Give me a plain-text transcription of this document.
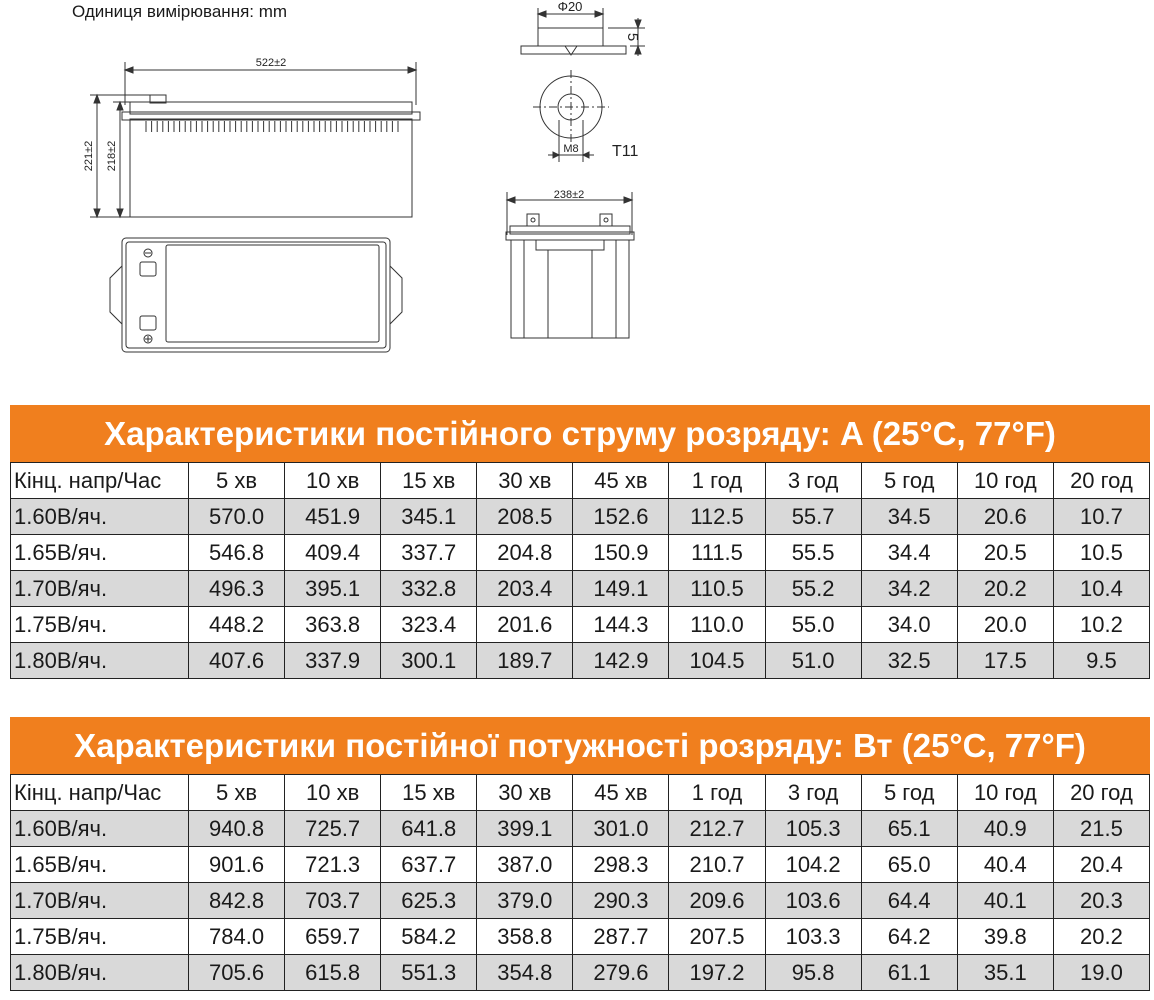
Одиниця вимірювання: mm
522±2
221±2 218±2
238±2
Φ20
5
M8 T11
Характеристики постійного струму розряду: A (25°C, 77°F)
Кінц. напр/Час	5 хв	10 хв	15 хв	30 хв	45 хв	1 год	3 год	5 год	10 год	20 год
1.60В/яч.	570.0	451.9	345.1	208.5	152.6	112.5	55.7	34.5	20.6	10.7
1.65В/яч.	546.8	409.4	337.7	204.8	150.9	111.5	55.5	34.4	20.5	10.5
1.70В/яч.	496.3	395.1	332.8	203.4	149.1	110.5	55.2	34.2	20.2	10.4
1.75В/яч.	448.2	363.8	323.4	201.6	144.3	110.0	55.0	34.0	20.0	10.2
1.80В/яч.	407.6	337.9	300.1	189.7	142.9	104.5	51.0	32.5	17.5	9.5
Характеристики постійної потужності розряду: Вт (25°C, 77°F)
Кінц. напр/Час	5 хв	10 хв	15 хв	30 хв	45 хв	1 год	3 год	5 год	10 год	20 год
1.60В/яч.	940.8	725.7	641.8	399.1	301.0	212.7	105.3	65.1	40.9	21.5
1.65В/яч.	901.6	721.3	637.7	387.0	298.3	210.7	104.2	65.0	40.4	20.4
1.70В/яч.	842.8	703.7	625.3	379.0	290.3	209.6	103.6	64.4	40.1	20.3
1.75В/яч.	784.0	659.7	584.2	358.8	287.7	207.5	103.3	64.2	39.8	20.2
1.80В/яч.	705.6	615.8	551.3	354.8	279.6	197.2	95.8	61.1	35.1	19.0
